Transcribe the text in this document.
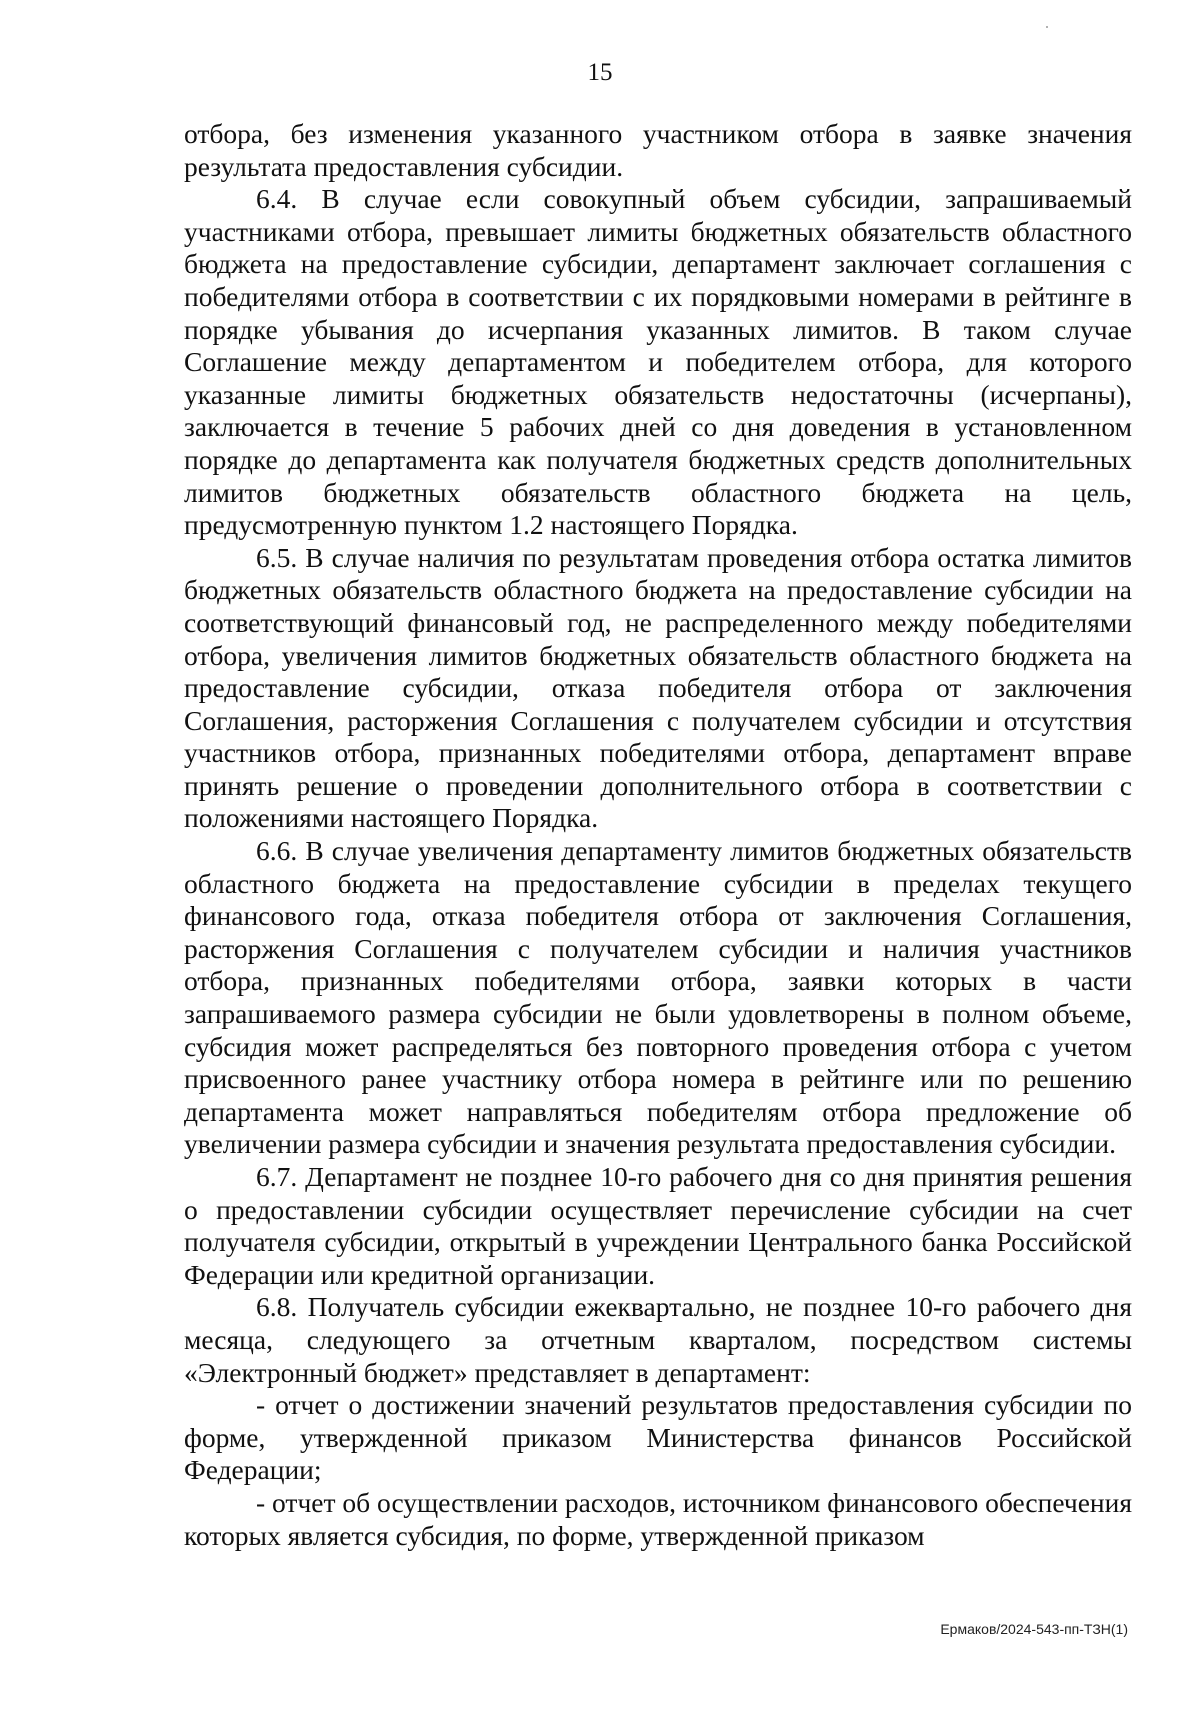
15

отбора, без изменения указанного участником отбора в заявке значения результата предоставления субсидии.

6.4. В случае если совокупный объем субсидии, запрашиваемый участниками отбора, превышает лимиты бюджетных обязательств областного бюджета на предоставление субсидии, департамент заключает соглашения с победителями отбора в соответствии с их порядковыми номерами в рейтинге в порядке убывания до исчерпания указанных лимитов. В таком случае Соглашение между департаментом и победителем отбора, для которого указанные лимиты бюджетных обязательств недостаточны (исчерпаны), заключается в течение 5 рабочих дней со дня доведения в установленном порядке до департамента как получателя бюджетных средств дополнительных лимитов бюджетных обязательств областного бюджета на цель, предусмотренную пунктом 1.2 настоящего Порядка.

6.5. В случае наличия по результатам проведения отбора остатка лимитов бюджетных обязательств областного бюджета на предоставление субсидии на соответствующий финансовый год, не распределенного между победителями отбора, увеличения лимитов бюджетных обязательств областного бюджета на предоставление субсидии, отказа победителя отбора от заключения Соглашения, расторжения Соглашения с получателем субсидии и отсутствия участников отбора, признанных победителями отбора, департамент вправе принять решение о проведении дополнительного отбора в соответствии с положениями настоящего Порядка.

6.6. В случае увеличения департаменту лимитов бюджетных обязательств областного бюджета на предоставление субсидии в пределах текущего финансового года, отказа победителя отбора от заключения Соглашения, расторжения Соглашения с получателем субсидии и наличия участников отбора, признанных победителями отбора, заявки которых в части запрашиваемого размера субсидии не были удовлетворены в полном объеме, субсидия может распределяться без повторного проведения отбора с учетом присвоенного ранее участнику отбора номера в рейтинге или по решению департамента может направляться победителям отбора предложение об увеличении размера субсидии и значения результата предоставления субсидии.

6.7. Департамент не позднее 10-го рабочего дня со дня принятия решения о предоставлении субсидии осуществляет перечисление субсидии на счет получателя субсидии, открытый в учреждении Центрального банка Российской Федерации или кредитной организации.

6.8. Получатель субсидии ежеквартально, не позднее 10-го рабочего дня месяца, следующего за отчетным кварталом, посредством системы «Электронный бюджет» представляет в департамент:

- отчет о достижении значений результатов предоставления субсидии по форме, утвержденной приказом Министерства финансов Российской Федерации;

- отчет об осуществлении расходов, источником финансового обеспечения которых является субсидия, по форме, утвержденной приказом

Ермаков/2024-543-пп-ТЗН(1)
